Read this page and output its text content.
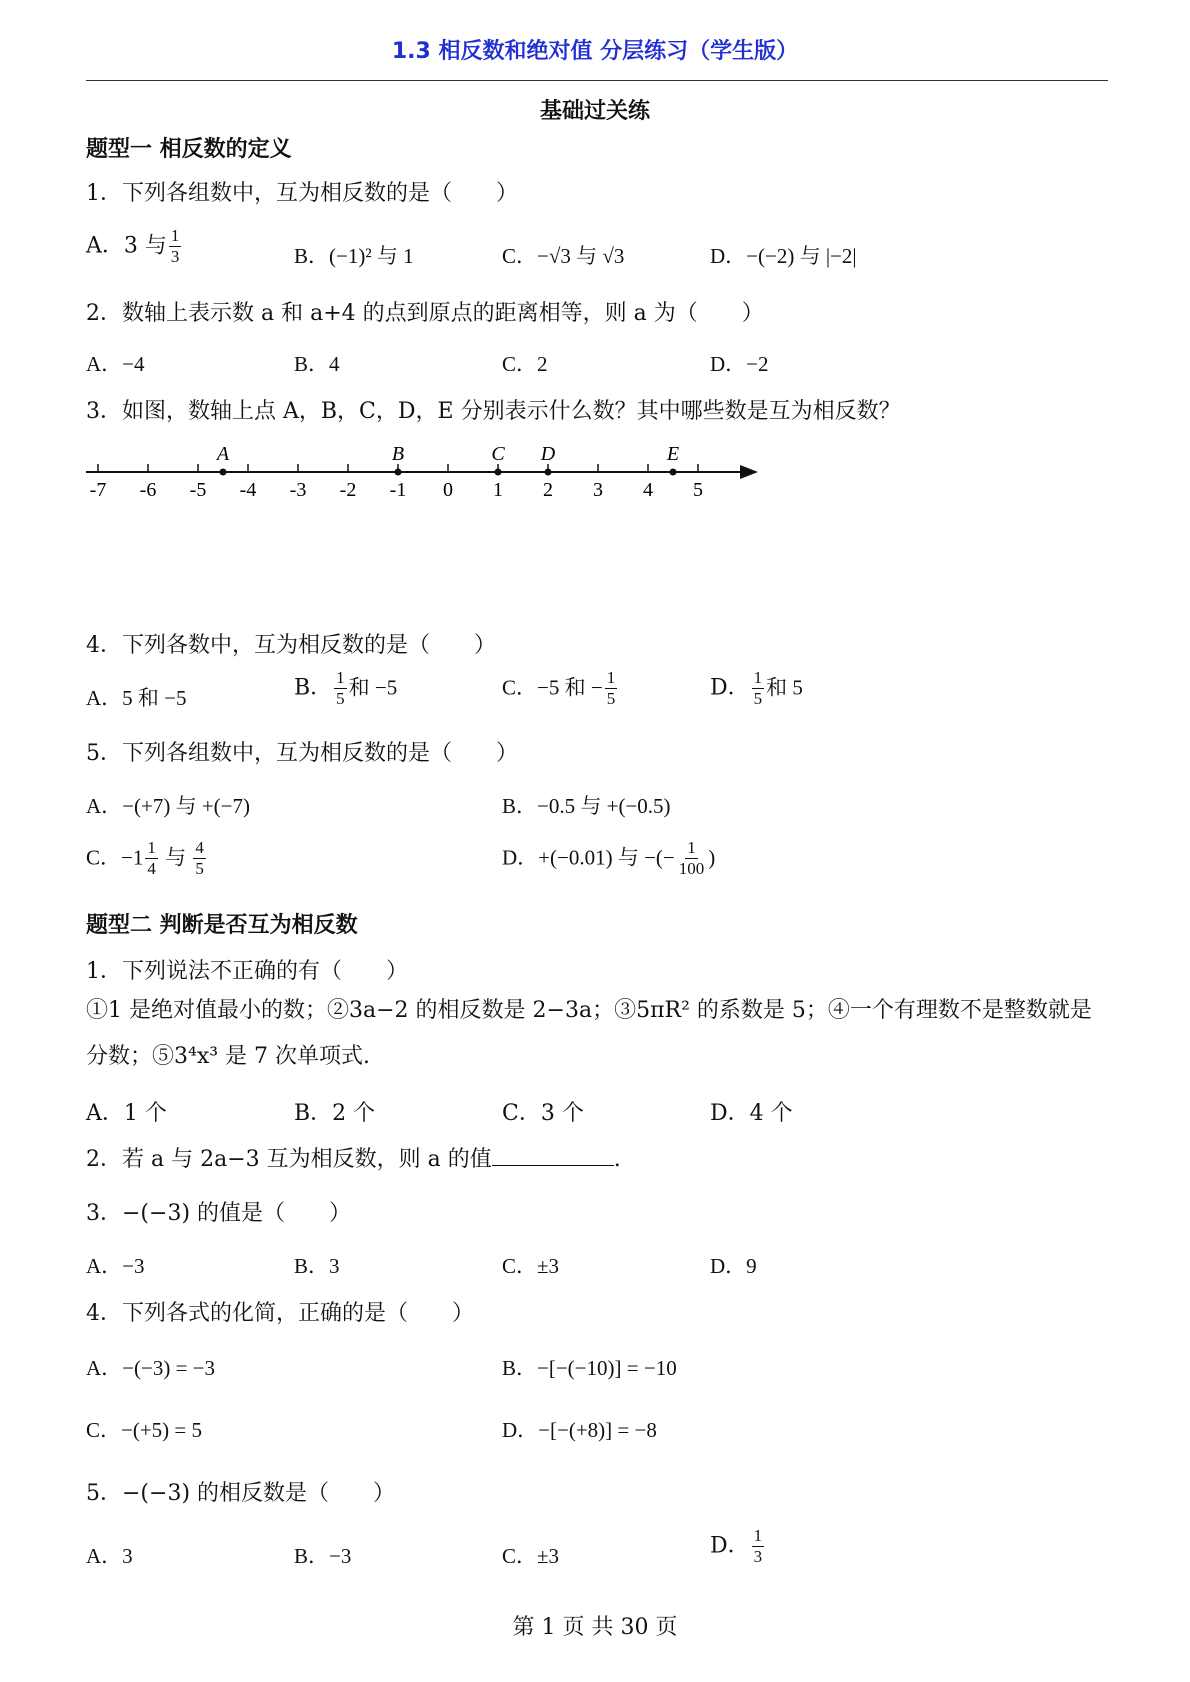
1.3 相反数和绝对值 分层练习（学生版）
基础过关练
题型一 相反数的定义
1．下列各组数中，互为相反数的是（　　）
A．3 与 $\frac{1}{3}$	B．(−1)² 与 1	C．−√3 与 √3	D．−(−2) 与 |−2|
2．数轴上表示数 a 和 a+4 的点到原点的距离相等，则 a 为（　　）
A．−4	B．4	C．2	D．−2
3．如图，数轴上点 A，B，C，D，E 分别表示什么数？其中哪些数是互为相反数？
-7 -6 -5 -4 -3 -2 -1 0 1 2 3 4 5
A	B	C D	E
4．下列各数中，互为相反数的是（　　）
A．5 和 −5	B． $\frac{1}{5}$ 和 −5	C．−5 和 − $\frac{1}{5}$	D． $\frac{1}{5}$ 和 5
5．下列各组数中，互为相反数的是（　　）
A．−(+7) 与 +(−7)	B．−0.5 与 +(−0.5)
C．$-1 \frac{1}{4}$ 与 $\frac{4}{5}$	D．+(−0.01) 与 −(− $\frac{1}{100}$ )
题型二 判断是否互为相反数
1．下列说法不正确的有（　　）
①1 是绝对值最小的数；②3a−2 的相反数是 2−3a；③5πR² 的系数是 5；④一个有理数不是整数就是分数；⑤3⁴x³ 是 7 次单项式.
A．1 个	B．2 个	C．3 个	D．4 个
2．若 a 与 2a−3 互为相反数，则 a 的值	.
3．−(−3) 的值是（　　）
A．−3	B．3	C．±3	D．9
4．下列各式的化简，正确的是（　　）
A．−(−3) = −3	B．−[−(−10)] = −10
C．−(+5) = 5	D．−[−(+8)] = −8
5．−(−3) 的相反数是（　　）
A．3	B．−3	C．±3	D． $\frac{1}{3}$
第 1 页 共 30 页
